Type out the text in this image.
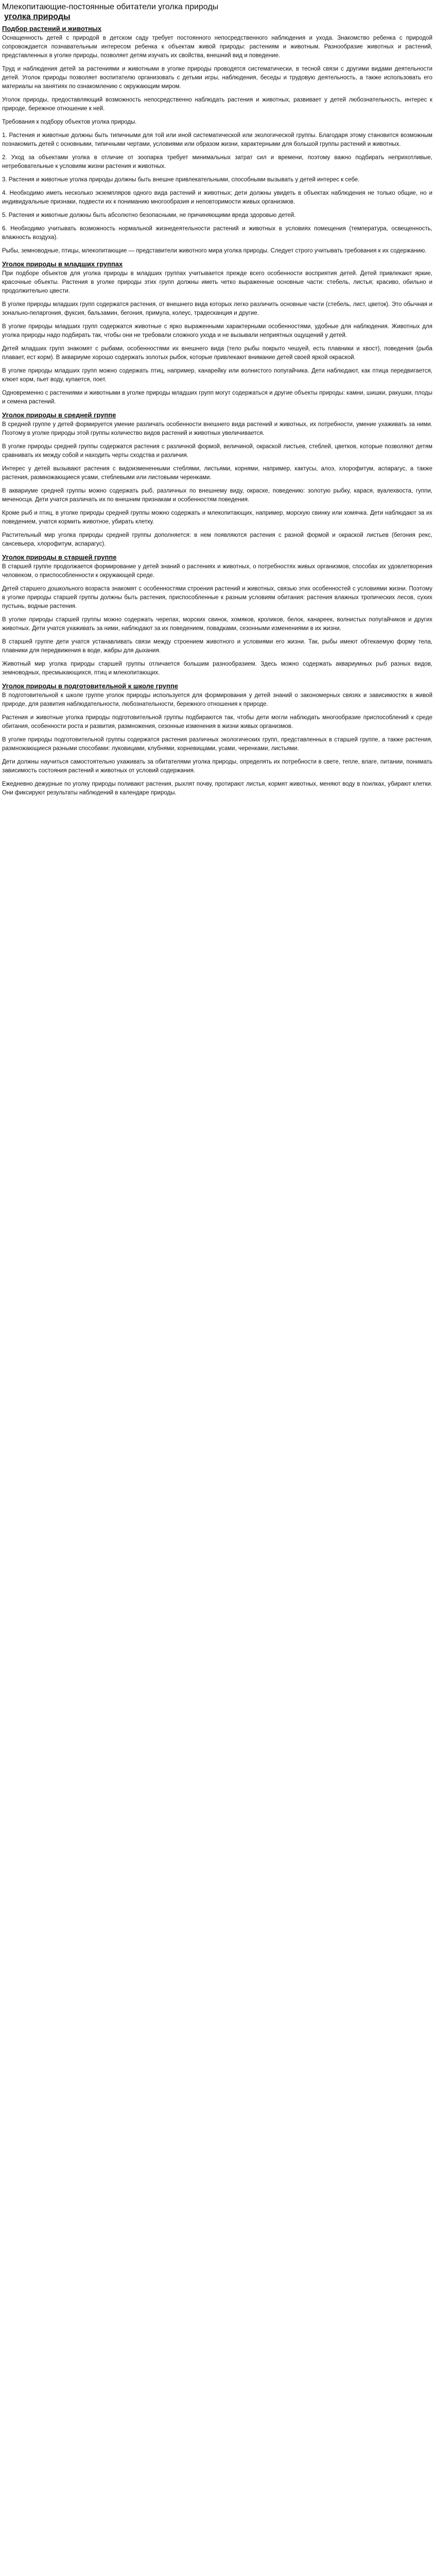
Млекопитающие-постоянные обитатели уголка природы
уголка природы
Подбор растений и животных

Оснащенность детей с природой в детском саду требует постоянного непосредственного наблюдения и ухода. Знакомство ребенка с природой сопровождается познавательным интересом ребенка к объектам живой природы: растениям и животным. Разнообразие животных и растений, представленных в уголке природы, позволяет детям изучать их свойства, внешний вид и поведение.

Труд и наблюдения детей за растениями и животными в уголке природы проводятся систематически, в тесной связи с другими видами деятельности детей. Уголок природы позволяет воспитателю организовать с детьми игры, наблюдения, беседы и трудовую деятельность, а также использовать его материалы на занятиях по ознакомлению с окружающим миром.

Уголок природы, предоставляющий возможность непосредственно наблюдать растения и животных, развивает у детей любознательность, интерес к природе, бережное отношение к ней.

Требования к подбору объектов уголка природы.

1. Растения и животные должны быть типичными для той или иной систематической или экологической группы. Благодаря этому становится возможным познакомить детей с основными, типичными чертами, условиями или образом жизни, характерными для большой группы растений и животных.

2. Уход за объектами уголка в отличие от зоопарка требует минимальных затрат сил и времени, поэтому важно подбирать неприхотливые, нетребовательные к условиям жизни растения и животных.

3. Растения и животные уголка природы должны быть внешне привлекательными, способными вызывать у детей интерес к себе.

4. Необходимо иметь несколько экземпляров одного вида растений и животных; дети должны увидеть в объектах наблюдения не только общие, но и индивидуальные признаки, подвести их к пониманию многообразия и неповторимости живых организмов.

5. Растения и животные должны быть абсолютно безопасными, не причиняющими вреда здоровью детей.

6. Необходимо учитывать возможность нормальной жизнедеятельности растений и животных в условиях помещения (температура, освещенность, влажность воздуха).

Рыбы, земноводные, птицы, млекопитающие — представители животного мира уголка природы. Следует строго учитывать требования к их содержанию.

Уголок природы в младших группах

При подборе объектов для уголка природы в младших группах учитывается прежде всего особенности восприятия детей. Детей привлекают яркие, красочные объекты. Растения в уголке природы этих групп должны иметь четко выраженные основные части: стебель, листья; красиво, обильно и продолжительно цвести.

В уголке природы младших групп содержатся растения, от внешнего вида которых легко различить основные части (стебель, лист, цветок). Это обычная и зонально-пеларгония, фуксия, бальзамин, бегония, примула, колеус, традесканция и другие.

В уголке природы младших групп содержатся животные с ярко выраженными характерными особенностями, удобные для наблюдения. Животных для уголка природы надо подбирать так, чтобы они не требовали сложного ухода и не вызывали неприятных ощущений у детей.

Детей младших групп знакомят с рыбами, особенностями их внешнего вида (тело рыбы покрыто чешуей, есть плавники и хвост), поведения (рыба плавает, ест корм). В аквариуме хорошо содержать золотых рыбок, которые привлекают внимание детей своей яркой окраской.

В уголке природы младших групп можно содержать птиц, например, канарейку или волнистого попугайчика. Дети наблюдают, как птица передвигается, клюет корм, пьет воду, купается, поет.

Одновременно с растениями и животными в уголке природы младших групп могут содержаться и другие объекты природы: камни, шишки, ракушки, плоды и семена растений.

Уголок природы в средней группе

В средней группе у детей формируется умение различать особенности внешнего вида растений и животных, их потребности, умение ухаживать за ними. Поэтому в уголке природы этой группы количество видов растений и животных увеличивается.

В уголке природы средней группы содержатся растения с различной формой, величиной, окраской листьев, стеблей, цветков, которые позволяют детям сравнивать их между собой и находить черты сходства и различия.

Интерес у детей вызывают растения с видоизмененными стеблями, листьями, корнями, например, кактусы, алоэ, хлорофитум, аспарагус, а также растения, размножающиеся усами, стеблевыми или листовыми черенками.

В аквариуме средней группы можно содержать рыб, различных по внешнему виду, окраске, поведению: золотую рыбку, карася, вуалехвоста, гуппи, меченосца. Дети учатся различать их по внешним признакам и особенностям поведения.

Кроме рыб и птиц, в уголке природы средней группы можно содержать и млекопитающих, например, морскую свинку или хомячка. Дети наблюдают за их поведением, учатся кормить животное, убирать клетку.

Растительный мир уголка природы средней группы дополняется: в нем появляются растения с разной формой и окраской листьев (бегония рекс, сансевьера, хлорофитум, аспарагус).

Уголок природы в старшей группе

В старшей группе продолжается формирование у детей знаний о растениях и животных, о потребностях живых организмов, способах их удовлетворения человеком, о приспособленности к окружающей среде.

Детей старшего дошкольного возраста знакомят с особенностями строения растений и животных, связью этих особенностей с условиями жизни. Поэтому в уголке природы старшей группы должны быть растения, приспособленные к разным условиям обитания: растения влажных тропических лесов, сухих пустынь, водные растения.

В уголке природы старшей группы можно содержать черепах, морских свинок, хомяков, кроликов, белок, канареек, волнистых попугайчиков и других животных. Дети учатся ухаживать за ними, наблюдают за их поведением, повадками, сезонными изменениями в их жизни.

В старшей группе дети учатся устанавливать связи между строением животного и условиями его жизни. Так, рыбы имеют обтекаемую форму тела, плавники для передвижения в воде, жабры для дыхания.

Животный мир уголка природы старшей группы отличается большим разнообразием. Здесь можно содержать аквариумных рыб разных видов, земноводных, пресмыкающихся, птиц и млекопитающих.

Уголок природы в подготовительной к школе группе

В подготовительной к школе группе уголок природы используется для формирования у детей знаний о закономерных связях и зависимостях в живой природе, для развития наблюдательности, любознательности, бережного отношения к природе.

Растения и животные уголка природы подготовительной группы подбираются так, чтобы дети могли наблюдать многообразие приспособлений к среде обитания, особенности роста и развития, размножения, сезонные изменения в жизни живых организмов.

В уголке природы подготовительной группы содержатся растения различных экологических групп, представленных в старшей группе, а также растения, размножающиеся разными способами: луковицами, клубнями, корневищами, усами, черенками, листьями.

Дети должны научиться самостоятельно ухаживать за обитателями уголка природы, определять их потребности в свете, тепле, влаге, питании, понимать зависимость состояния растений и животных от условий содержания.

Ежедневно дежурные по уголку природы поливают растения, рыхлят почву, протирают листья, кормят животных, меняют воду в поилках, убирают клетки. Они фиксируют результаты наблюдений в календаре природы.
